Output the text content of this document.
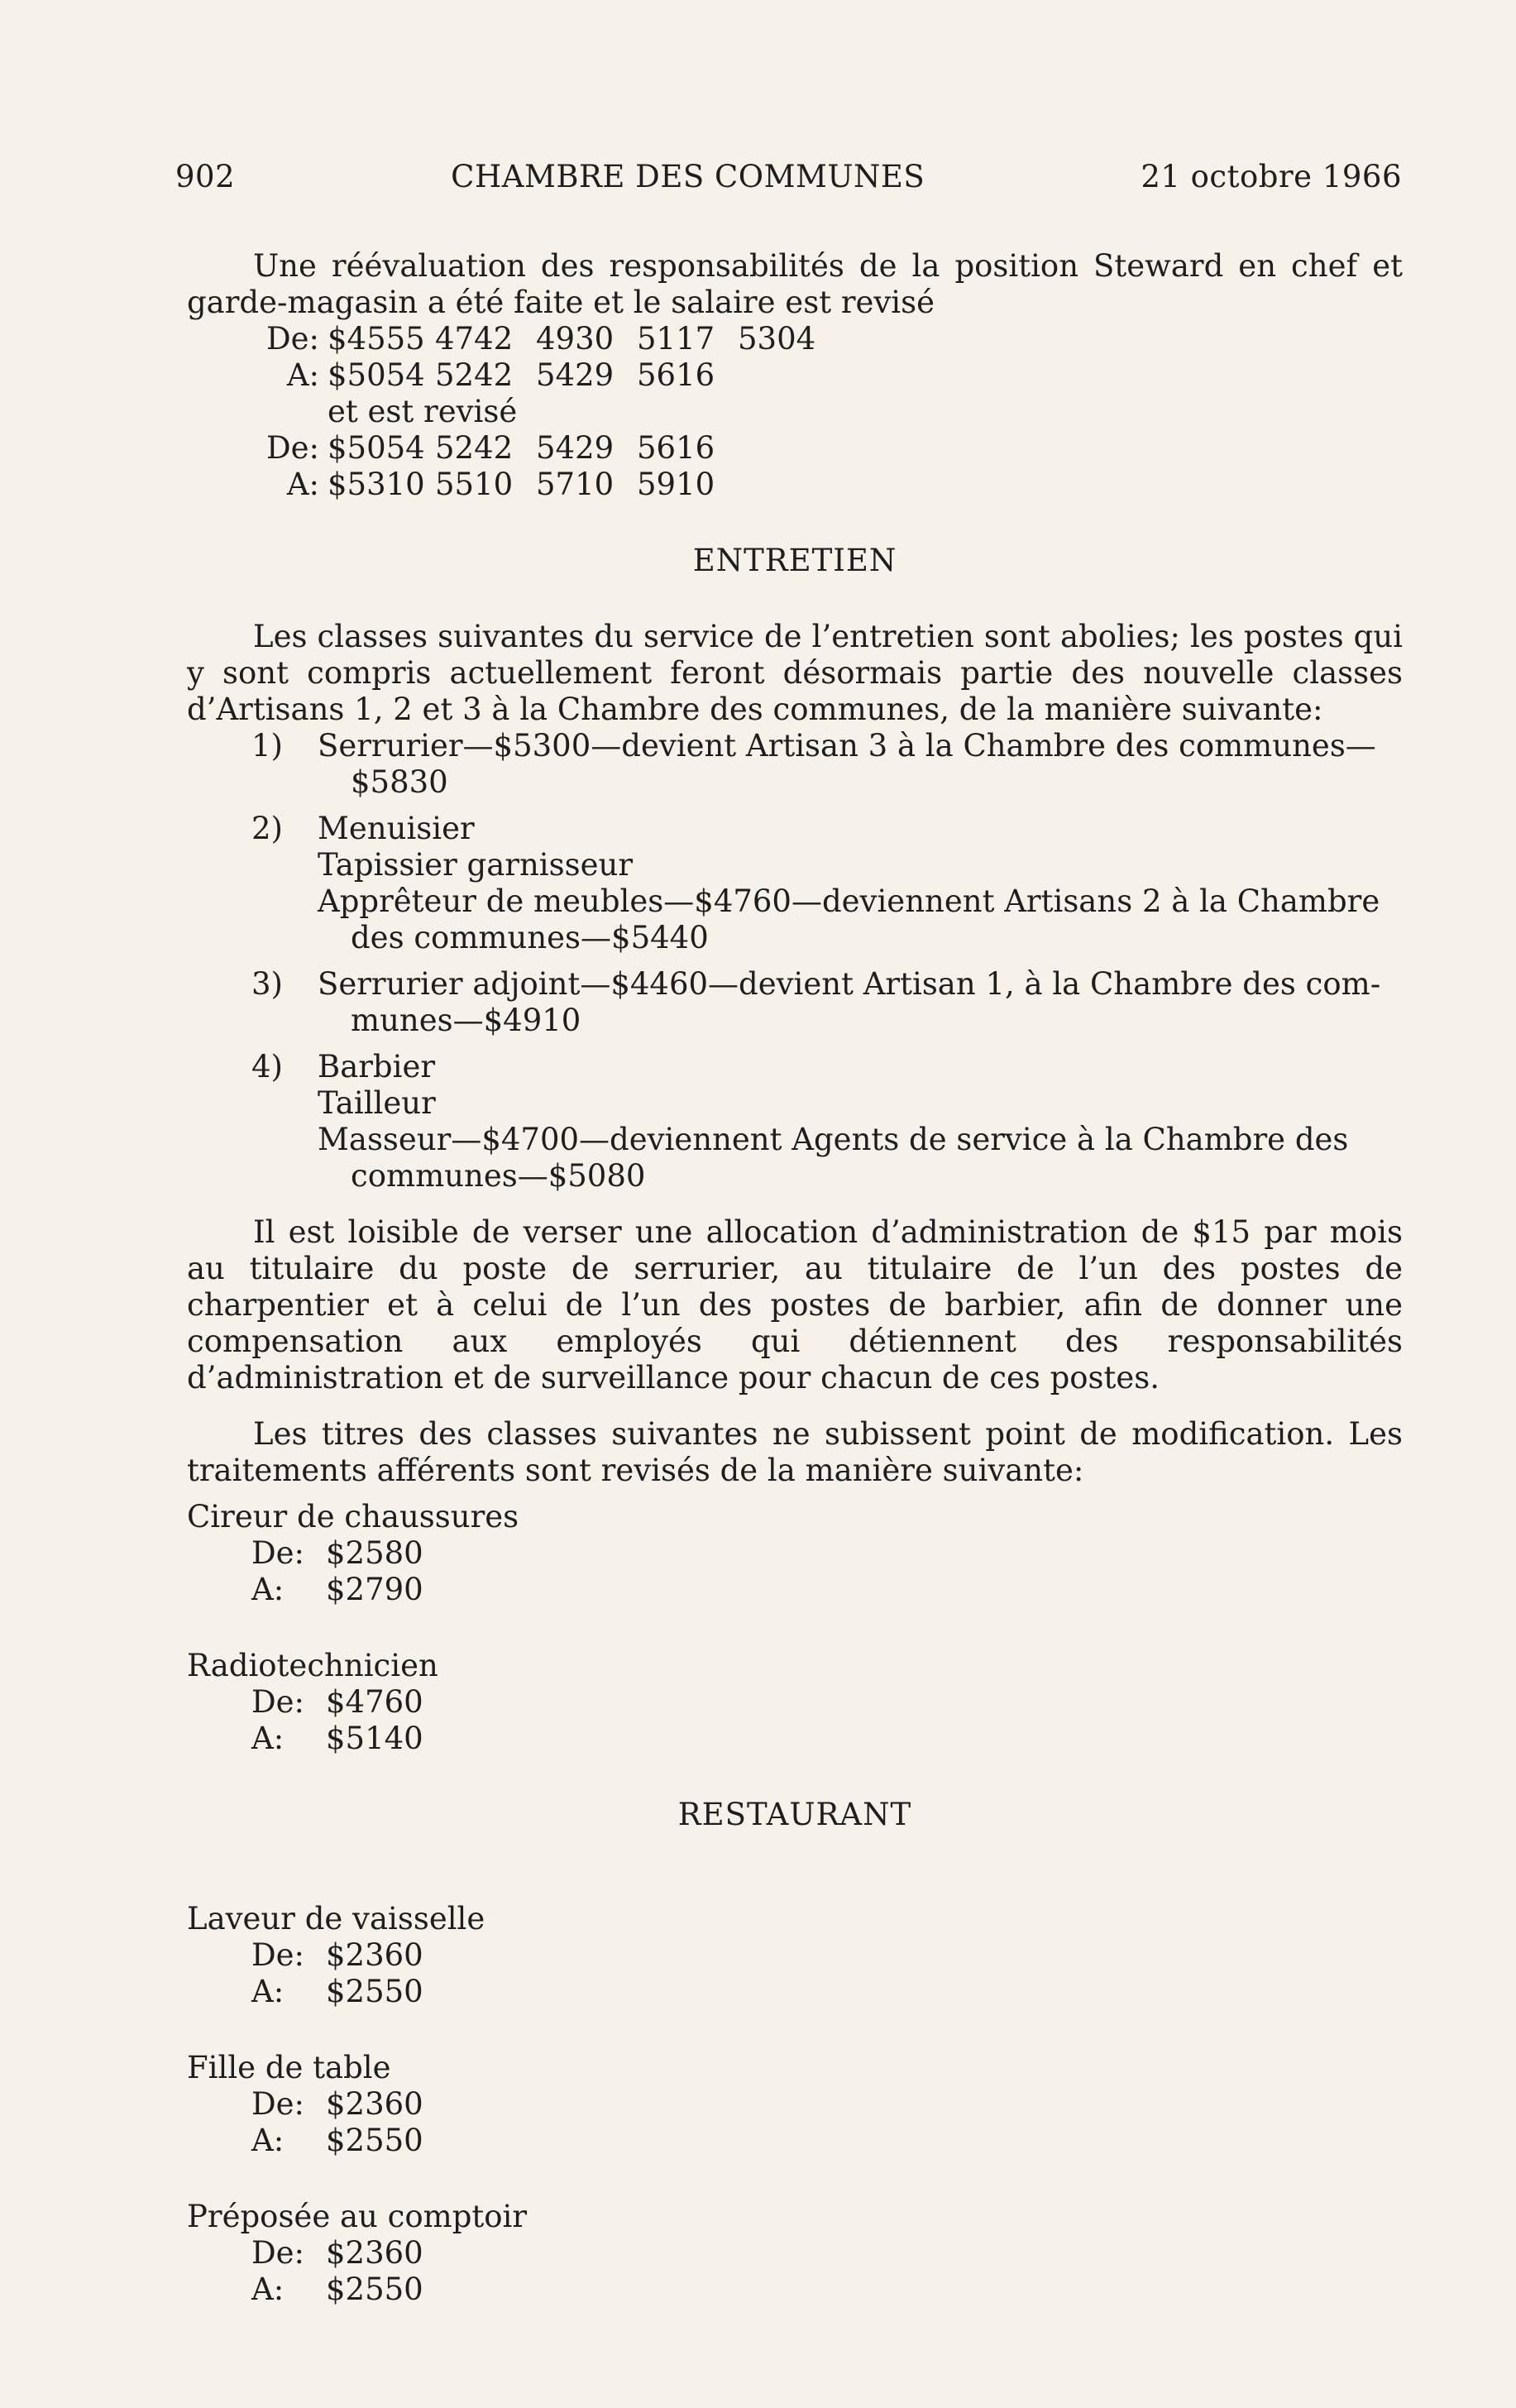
902	CHAMBRE DES COMMUNES	21 octobre 1966

Une réévaluation des responsabilités de la position Steward en chef et garde-magasin a été faite et le salaire est revisé

De: $4555 4742 4930 5117 5304
A: $5054 5242 5429 5616

et est revisé

De: $5054 5242 5429 5616
A: $5310 5510 5710 5910

ENTRETIEN

Les classes suivantes du service de l’entretien sont abolies; les postes qui y sont compris actuellement feront désormais partie des nouvelle classes d’Artisans 1, 2 et 3 à la Chambre des communes, de la manière suivante:

1)	Serrurier—$5300—devient Artisan 3 à la Chambre des communes—
$5830
2)	Menuisier
Tapissier garnisseur
Apprêteur de meubles—$4760—deviennent Artisans 2 à la Chambre
des communes—$5440
3)	Serrurier adjoint—$4460—devient Artisan 1, à la Chambre des com-
munes—$4910
4)	Barbier
Tailleur
Masseur—$4700—deviennent Agents de service à la Chambre des
communes—$5080

Il est loisible de verser une allocation d’administration de $15 par mois au titulaire du poste de serrurier, au titulaire de l’un des postes de charpentier et à celui de l’un des postes de barbier, afin de donner une compensation aux employés qui détiennent des responsabilités d’administration et de surveillance pour chacun de ces postes.

Les titres des classes suivantes ne subissent point de modification. Les traitements afférents sont revisés de la manière suivante:

Cireur de chaussures
De: $2580
A:	$2790
Radiotechnicien
De: $4760
A:	$5140

RESTAURANT

Laveur de vaisselle
De: $2360
A:	$2550
Fille de table
De: $2360
A:	$2550
Préposée au comptoir
De: $2360
A:	$2550
